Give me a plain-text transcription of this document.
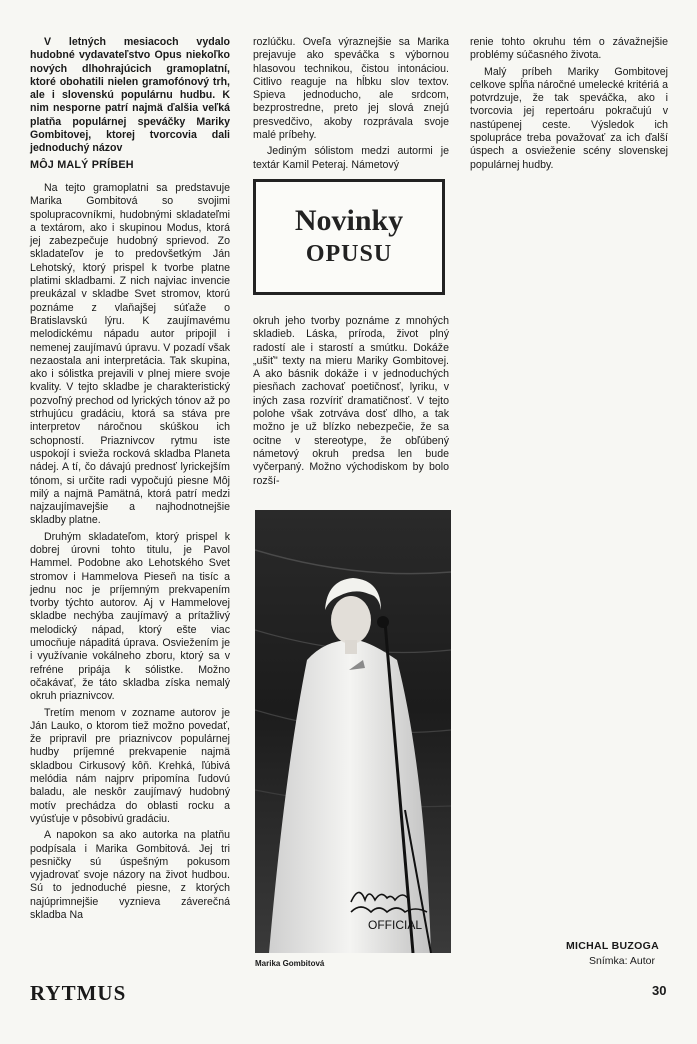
V letných mesiacoch vydalo hudobné vydavateľstvo Opus niekoľko nových dlhohrajúcich gramoplatní, ktoré obohatili nielen gramofónový trh, ale i slovenskú populárnu hudbu. K nim nesporne patrí najmä ďalšia veľká platňa populárnej speváčky Mariky Gombitovej, ktorej tvorcovia dali jednoduchý názov

MÔJ MALÝ PRÍBEH

Na tejto gramoplatni sa predstavuje Marika Gombitová so svojimi spolupracovníkmi, hudobnými skladateľmi a textárom, ako i skupinou Modus, ktorá jej zabezpečuje hudobný sprievod. Zo skladateľov je to predovšetkým Ján Lehotský, ktorý prispel k tvorbe platne platimi skladbami. Z nich najviac invencie preukázal v skladbe Svet stromov, ktorú poznáme z vlaňajšej súťaže o Bratislavskú lýru. K zaujímavému melodickému nápadu autor pripojil i nemenej zaujímavú úpravu. V pozadí však nezaostala ani interpretácia. Tak skupina, ako i sólistka prejavili v plnej miere svoje kvality. V tejto skladbe je charakteristický pozvoľný prechod od lyrických tónov až po strhujúcu gradáciu, ktorá sa stáva pre interpretov náročnou skúškou ich schopností. Priaznivcov rytmu iste uspokojí i svieža rocková skladba Planeta nádej. A tí, čo dávajú prednosť lyrickejším tónom, si určite radi vypočujú piesne Môj milý a najmä Pamätná, ktorá patrí medzi najzaujímavejšie a najhodnotnejšie skladby platne.

Druhým skladateľom, ktorý prispel k dobrej úrovni tohto titulu, je Pavol Hammel. Podobne ako Lehotského Svet stromov i Hammelova Pieseň na tisíc a jednu noc je príjemným prekvapením tvorby týchto autorov. Aj v Hammelovej skladbe nechýba zaujímavý a prítažlivý melodický nápad, ktorý ešte viac umocňuje nápaditá úprava. Osviežením je i využívanie vokálneho zboru, ktorý sa v refréne pripája k sólistke. Možno očakávať, že táto skladba získa nemalý okruh priaznivcov.

Tretím menom v zozname autorov je Ján Lauko, o ktorom tiež možno povedať, že pripravil pre priaznivcov populárnej hudby príjemné prekvapenie najmä skladbou Cirkusový kôň. Krehká, ľúbivá melódia nám najprv pripomína ľudovú baladu, ale neskôr zaujímavý hudobný motív prechádza do oblasti rocku a vyúsťuje v pôsobivú gradáciu.

A napokon sa ako autorka na platňu podpísala i Marika Gombitová. Jej tri pesničky sú úspešným pokusom vyjadrovať svoje názory na život hudbou. Sú to jednoduché piesne, z ktorých najúprimnejšie vyznieva záverečná skladba Na

rozlúčku. Oveľa výraznejšie sa Marika prejavuje ako speváčka s výbornou hlasovou technikou, čistou intonáciou. Citlivo reaguje na hĺbku slov textov. Spieva jednoducho, ale srdcom, bezprostredne, preto jej slová znejú presvedčivo, akoby rozprávala svoje malé príbehy.

Jediným sólistom medzi autormi je textár Kamil Peteraj. Námetový

Novinky
OPUSU

okruh jeho tvorby poznáme z mnohých skladieb. Láska, príroda, život plný radostí ale i starostí a smútku. Dokáže „ušiť" texty na mieru Mariky Gombitovej. A ako básnik dokáže i v jednoduchých piesňach zachovať poetičnosť, lyriku, v iných zasa rozvíriť dramatičnosť. V tejto polohe však zotrváva dosť dlho, a tak možno je už blízko nebezpečie, že sa ocitne v stereotype, že obľúbený námetový okruh predsa len bude vyčerpaný. Možno východiskom by bolo rozší-

renie tohto okruhu tém o závažnejšie problémy súčasného života.

Malý príbeh Mariky Gombitovej celkove spĺňa náročné umelecké kritériá a potvrdzuje, že tak speváčka, ako i tvorcovia jej repertoáru pokračujú v nastúpenej ceste. Výsledok ich spolupráce treba považovať za ich ďalší úspech a osvieženie scény slovenskej populárnej hudby.

OFFICIAL
Marika Gombitová
MICHAL BUZOGA
Snímka: Autor
RYTMUS	30
